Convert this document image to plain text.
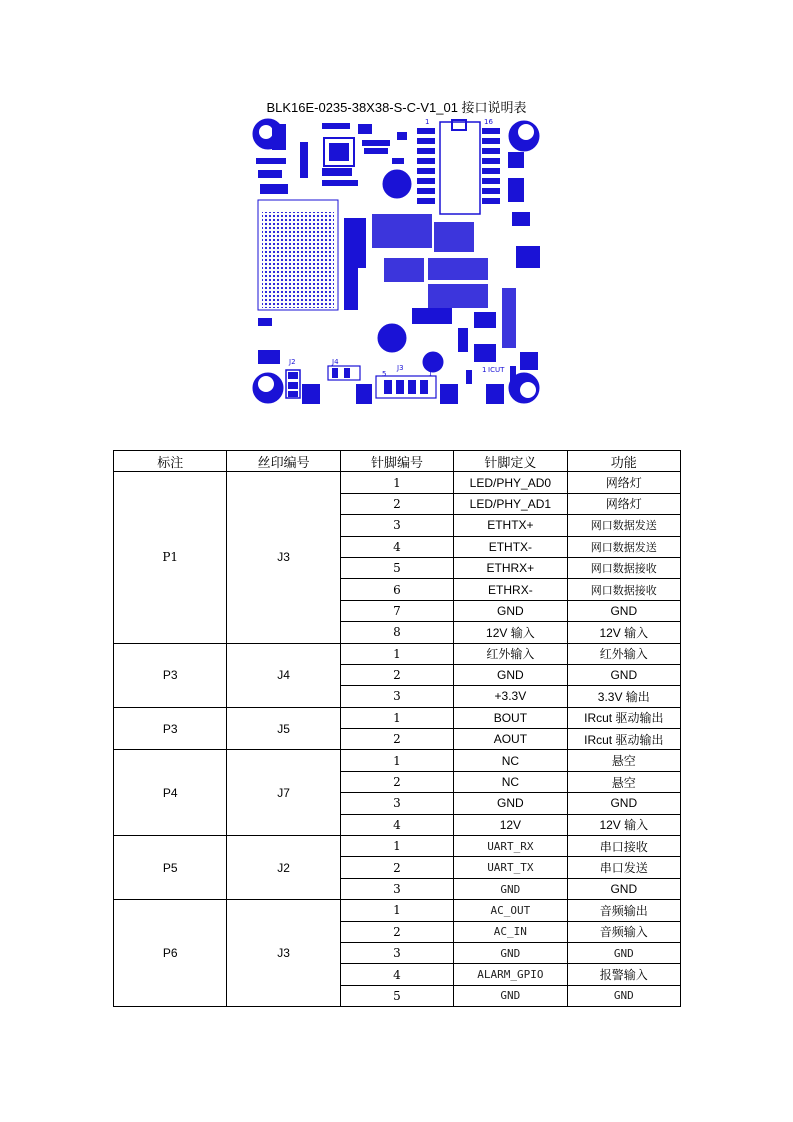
BLK16E-0235-38X38-S-C-V1_01 接口说明表
J2	J4
J3
1	16
5	1	1 ICUT
标注	丝印编号	针脚编号	针脚定义	功能
P1	J3	1	LED/PHY_AD0	网络灯
		2	LED/PHY_AD1	网络灯
		3	ETHTX+	网口数据发送
		4	ETHTX-	网口数据发送
		5	ETHRX+	网口数据接收
		6	ETHRX-	网口数据接收
		7	GND	GND
		8	12V 输入	12V 输入
P3	J4	1	红外输入	红外输入
		2	GND	GND
		3	+3.3V	3.3V 输出
P3	J5	1	BOUT	IRcut 驱动输出
		2	AOUT	IRcut 驱动输出
P4	J7	1	NC	悬空
		2	NC	悬空
		3	GND	GND
		4	12V	12V 输入
P5	J2	1	UART_RX	串口接收
		2	UART_TX	串口发送
		3	GND	GND
P6	J3	1	AC_OUT	音频输出
		2	AC_IN	音频输入
		3	GND	GND
		4	ALARM_GPIO	报警输入
		5	GND	GND
